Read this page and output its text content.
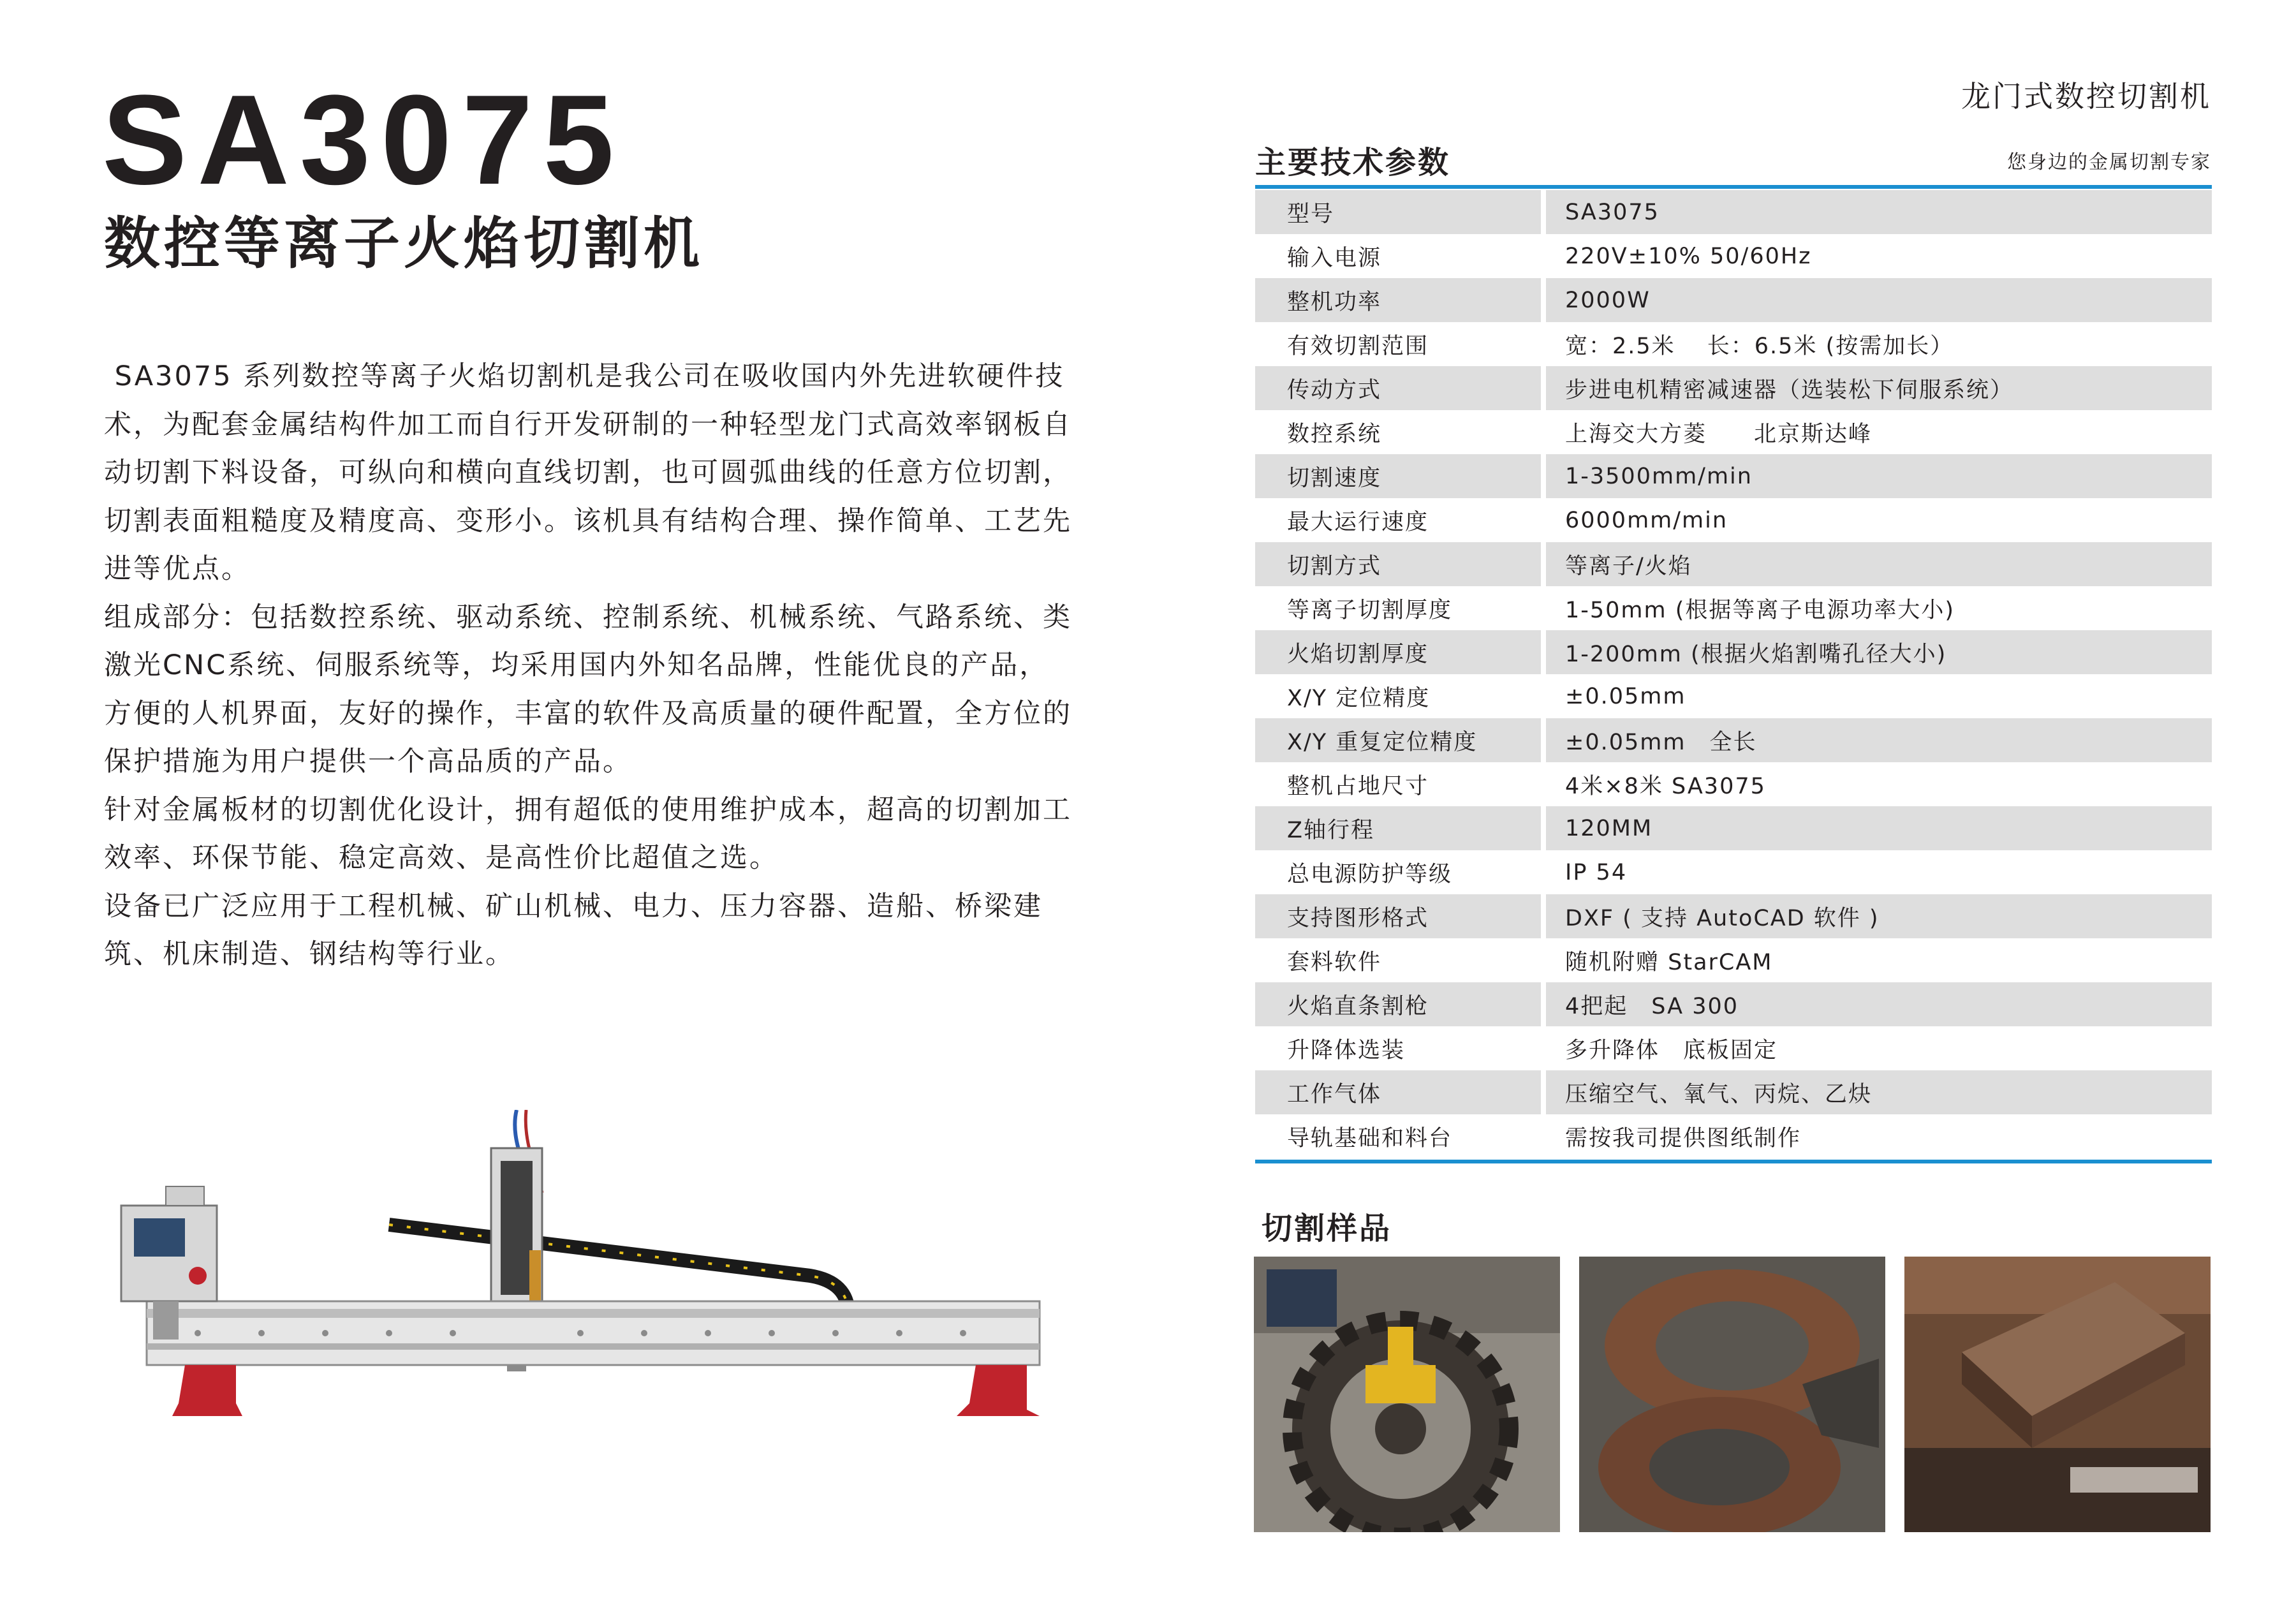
SA3075
数控等离子火焰切割机

SA3075 系列数控等离子火焰切割机是我公司在吸收国内外先进软硬件技术，为配套金属结构件加工而自行开发研制的一种轻型龙门式高效率钢板自动切割下料设备，可纵向和横向直线切割，也可圆弧曲线的任意方位切割，切割表面粗糙度及精度高、变形小。该机具有结构合理、操作简单、工艺先进等优点。

组成部分：包括数控系统、驱动系统、控制系统、机械系统、气路系统、类激光CNC系统、伺服系统等，均采用国内外知名品牌，性能优良的产品，方便的人机界面，友好的操作，丰富的软件及高质量的硬件配置，全方位的保护措施为用户提供一个高品质的产品。

针对金属板材的切割优化设计，拥有超低的使用维护成本，超高的切割加工效率、环保节能、稳定高效、是高性价比超值之选。

设备已广泛应用于工程机械、矿山机械、电力、压力容器、造船、桥梁建筑、机床制造、钢结构等行业。

龙门式数控切割机
主要技术参数	您身边的金属切割专家
型号	SA3075
输入电源	220V±10% 50/60Hz
整机功率	2000W
有效切割范围	宽：2.5米　 长：6.5米 (按需加长）
传动方式	步进电机精密减速器（选装松下伺服系统）
数控系统	上海交大方菱　　北京斯达峰
切割速度	1-3500mm/min
最大运行速度	6000mm/min
切割方式	等离子/火焰
等离子切割厚度	1-50mm (根据等离子电源功率大小)
火焰切割厚度	1-200mm (根据火焰割嘴孔径大小)
X/Y 定位精度	±0.05mm
X/Y 重复定位精度	±0.05mm　全长
整机占地尺寸	4米×8米 SA3075
Z轴行程	120MM
总电源防护等级	IP 54
支持图形格式	DXF ( 支持 AutoCAD 软件 )
套料软件	随机附赠 StarCAM
火焰直条割枪	4把起　SA 300
升降体选装	多升降体　底板固定
工作气体	压缩空气、氧气、丙烷、乙炔
导轨基础和料台	需按我司提供图纸制作
切割样品
